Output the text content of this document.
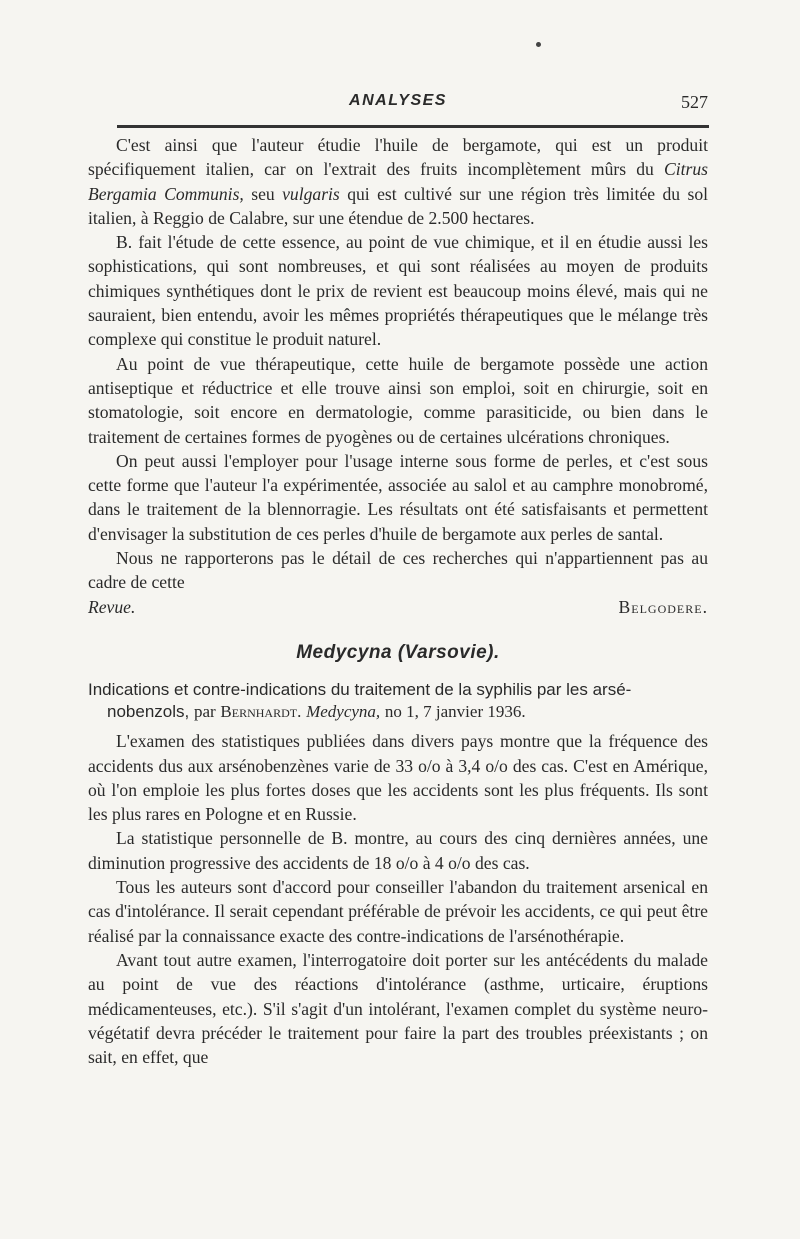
ANALYSES	527

C'est ainsi que l'auteur étudie l'huile de bergamote, qui est un produit spécifiquement italien, car on l'extrait des fruits incomplètement mûrs du Citrus Bergamia Communis, seu vulgaris qui est cultivé sur une région très limitée du sol italien, à Reggio de Calabre, sur une étendue de 2.500 hectares.

B. fait l'étude de cette essence, au point de vue chimique, et il en étudie aussi les sophistications, qui sont nombreuses, et qui sont réalisées au moyen de produits chimiques synthétiques dont le prix de revient est beaucoup moins élevé, mais qui ne sauraient, bien entendu, avoir les mêmes propriétés thérapeutiques que le mélange très complexe qui constitue le produit naturel.

Au point de vue thérapeutique, cette huile de bergamote possède une action antiseptique et réductrice et elle trouve ainsi son emploi, soit en chirurgie, soit en stomatologie, soit encore en dermatologie, comme parasiticide, ou bien dans le traitement de certaines formes de pyogènes ou de certaines ulcérations chroniques.

On peut aussi l'employer pour l'usage interne sous forme de perles, et c'est sous cette forme que l'auteur l'a expérimentée, associée au salol et au camphre monobromé, dans le traitement de la blennorragie. Les résultats ont été satisfaisants et permettent d'envisager la substitution de ces perles d'huile de bergamote aux perles de santal.

Nous ne rapporterons pas le détail de ces recherches qui n'appartiennent pas au cadre de cette

Revue.	Belgodere.
Medycyna (Varsovie).
Indications et contre-indications du traitement de la syphilis par les arsé-
nobenzols, par Bernhardt. Medycyna, no 1, 7 janvier 1936.

L'examen des statistiques publiées dans divers pays montre que la fréquence des accidents dus aux arsénobenzènes varie de 33 o/o à 3,4 o/o des cas. C'est en Amérique, où l'on emploie les plus fortes doses que les accidents sont les plus fréquents. Ils sont les plus rares en Pologne et en Russie.

La statistique personnelle de B. montre, au cours des cinq dernières années, une diminution progressive des accidents de 18 o/o à 4 o/o des cas.

Tous les auteurs sont d'accord pour conseiller l'abandon du traitement arsenical en cas d'intolérance. Il serait cependant préférable de prévoir les accidents, ce qui peut être réalisé par la connaissance exacte des contre-indications de l'arsénothérapie.

Avant tout autre examen, l'interrogatoire doit porter sur les antécédents du malade au point de vue des réactions d'intolérance (asthme, urticaire, éruptions médicamenteuses, etc.). S'il s'agit d'un intolérant, l'examen complet du système neuro-végétatif devra précéder le traitement pour faire la part des troubles préexistants ; on sait, en effet, que
